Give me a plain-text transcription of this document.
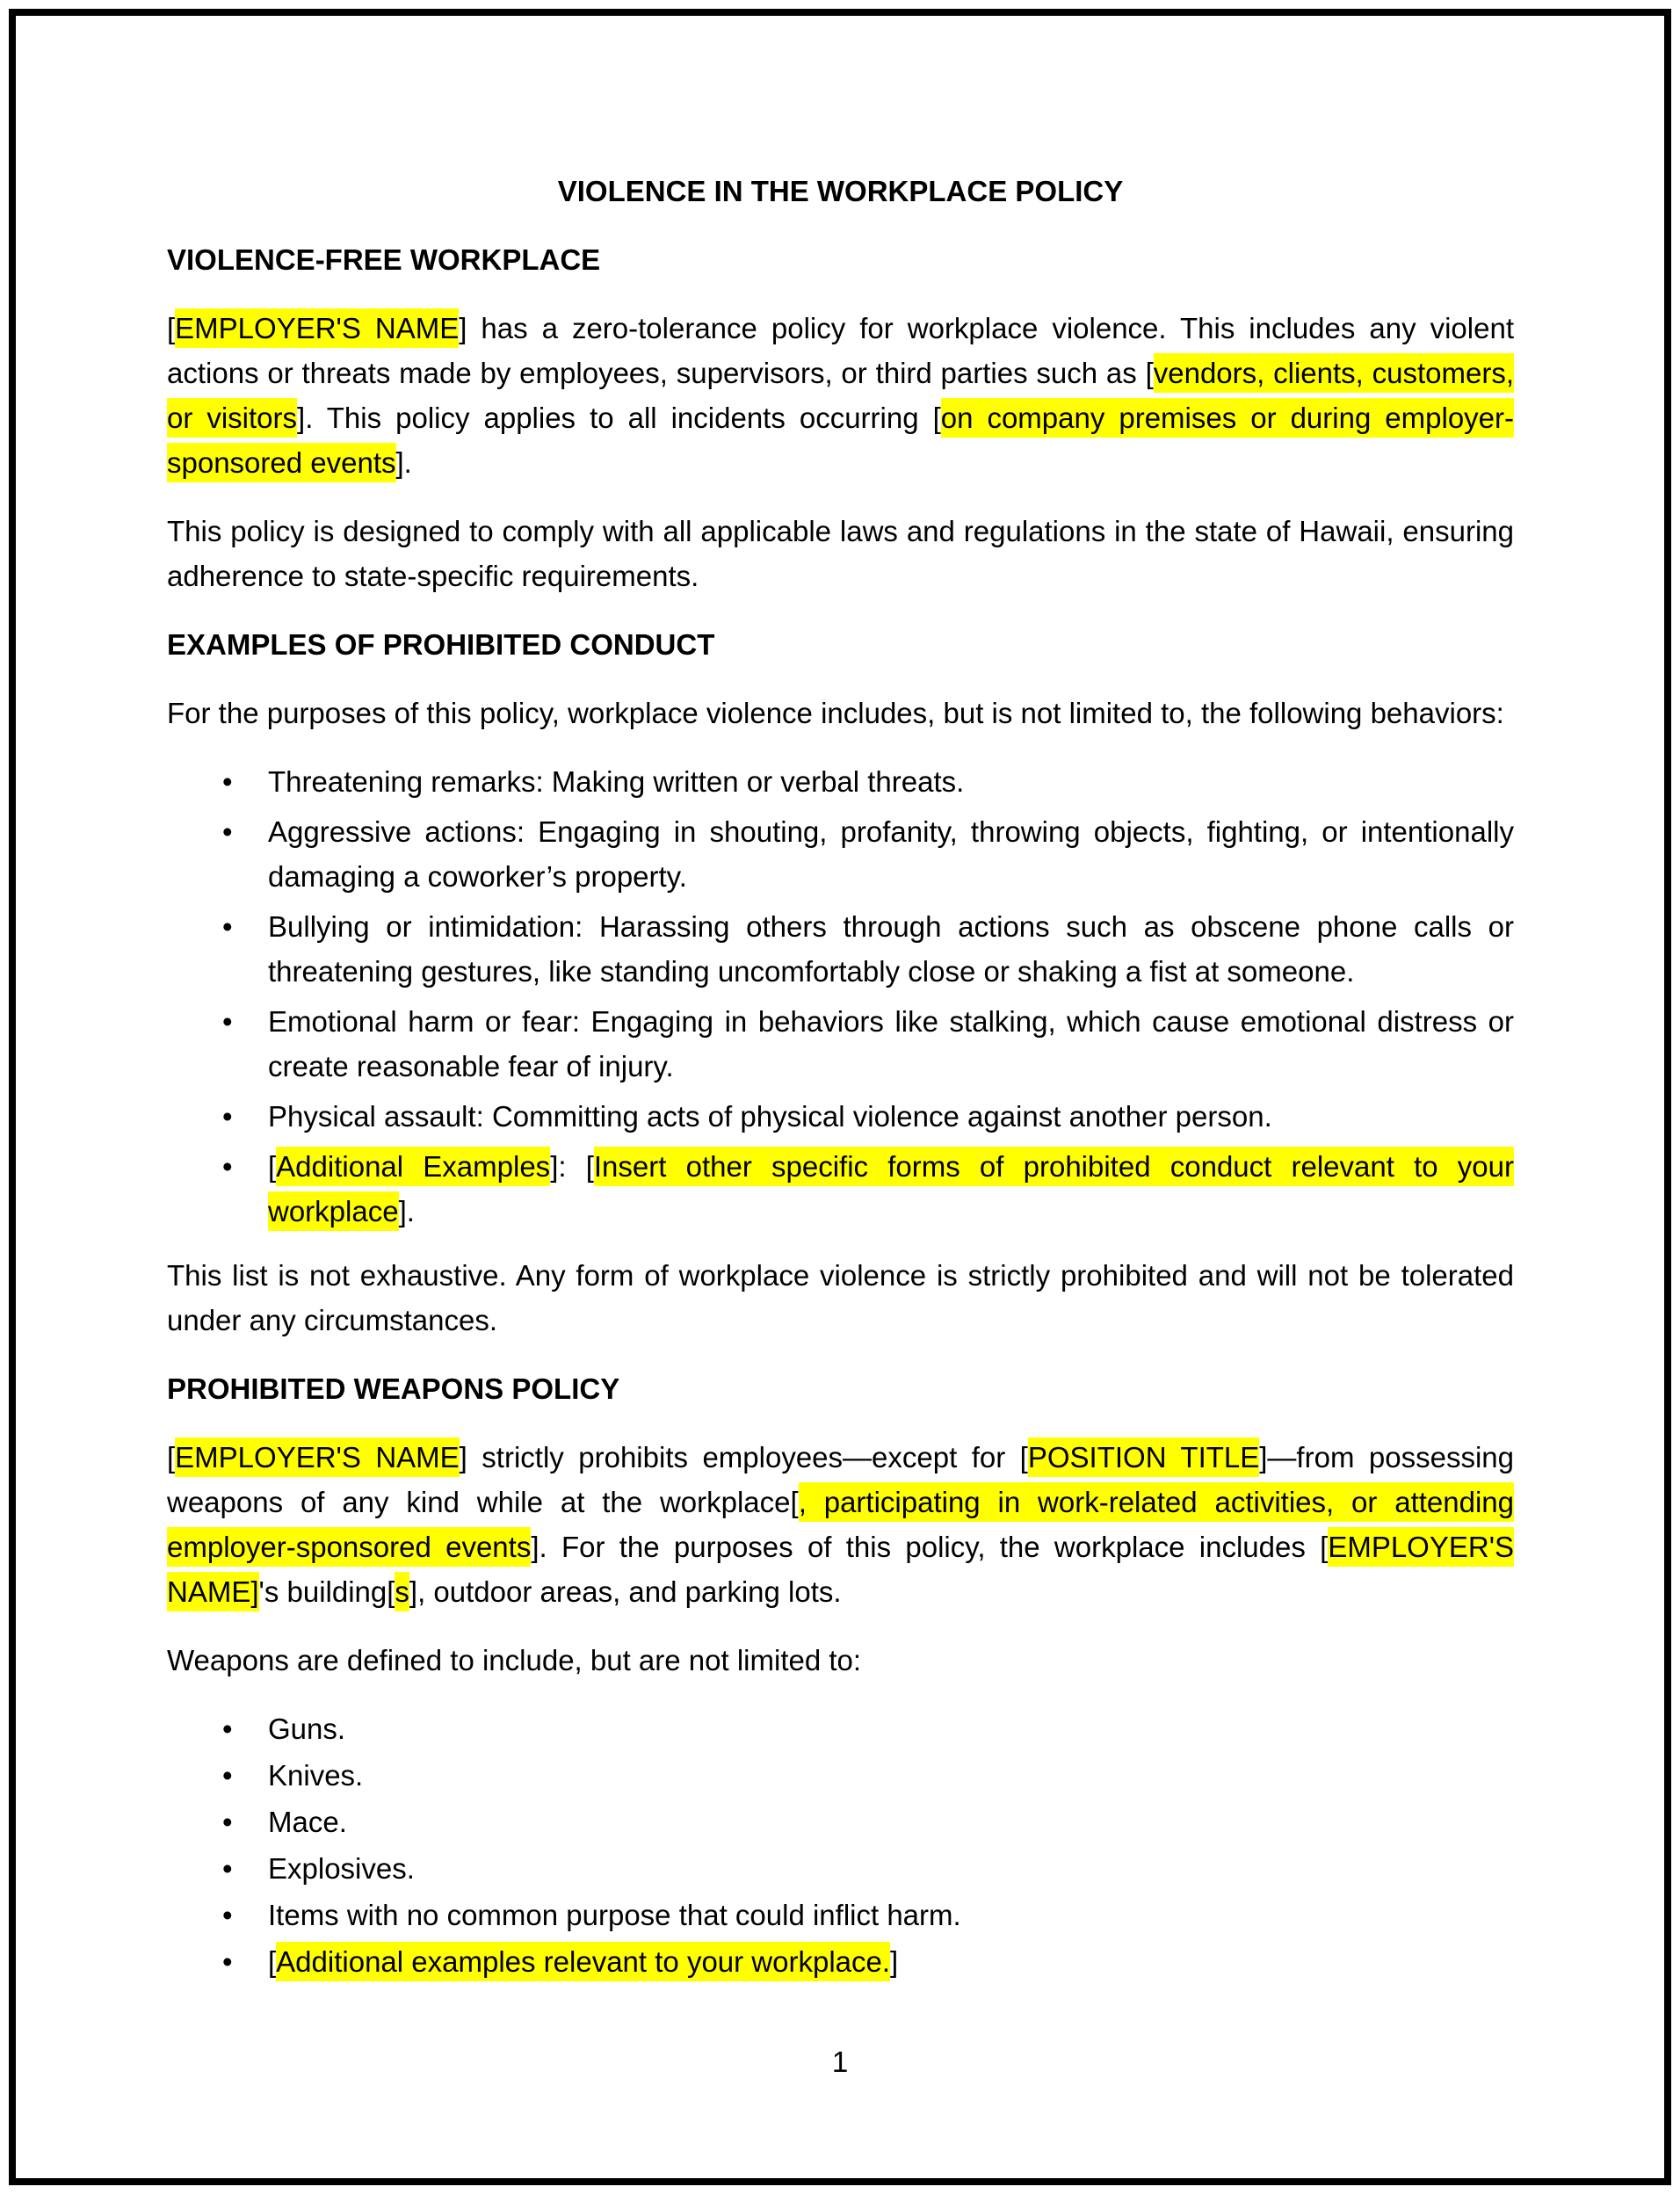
VIOLENCE IN THE WORKPLACE POLICY

VIOLENCE-FREE WORKPLACE

[EMPLOYER'S NAME] has a zero-tolerance policy for workplace violence. This includes any violent actions or threats made by employees, supervisors, or third parties such as [vendors, clients, customers, or visitors]. This policy applies to all incidents occurring [on company premises or during employer-sponsored events].

This policy is designed to comply with all applicable laws and regulations in the state of Hawaii, ensuring adherence to state-specific requirements.

EXAMPLES OF PROHIBITED CONDUCT

For the purposes of this policy, workplace violence includes, but is not limited to, the following behaviors:

• Threatening remarks: Making written or verbal threats.
• Aggressive actions: Engaging in shouting, profanity, throwing objects, fighting, or intentionally damaging a coworker’s property.
• Bullying or intimidation: Harassing others through actions such as obscene phone calls or threatening gestures, like standing uncomfortably close or shaking a fist at someone.
• Emotional harm or fear: Engaging in behaviors like stalking, which cause emotional distress or create reasonable fear of injury.
• Physical assault: Committing acts of physical violence against another person.
• [Additional Examples]: [Insert other specific forms of prohibited conduct relevant to your workplace].

This list is not exhaustive. Any form of workplace violence is strictly prohibited and will not be tolerated under any circumstances.

PROHIBITED WEAPONS POLICY

[EMPLOYER'S NAME] strictly prohibits employees—except for [POSITION TITLE]—from possessing weapons of any kind while at the workplace[, participating in work-related activities, or attending employer-sponsored events]. For the purposes of this policy, the workplace includes [EMPLOYER'S NAME]'s building[s], outdoor areas, and parking lots.

Weapons are defined to include, but are not limited to:

• Guns.
• Knives.
• Mace.
• Explosives.
• Items with no common purpose that could inflict harm.
• [Additional examples relevant to your workplace.]
1
